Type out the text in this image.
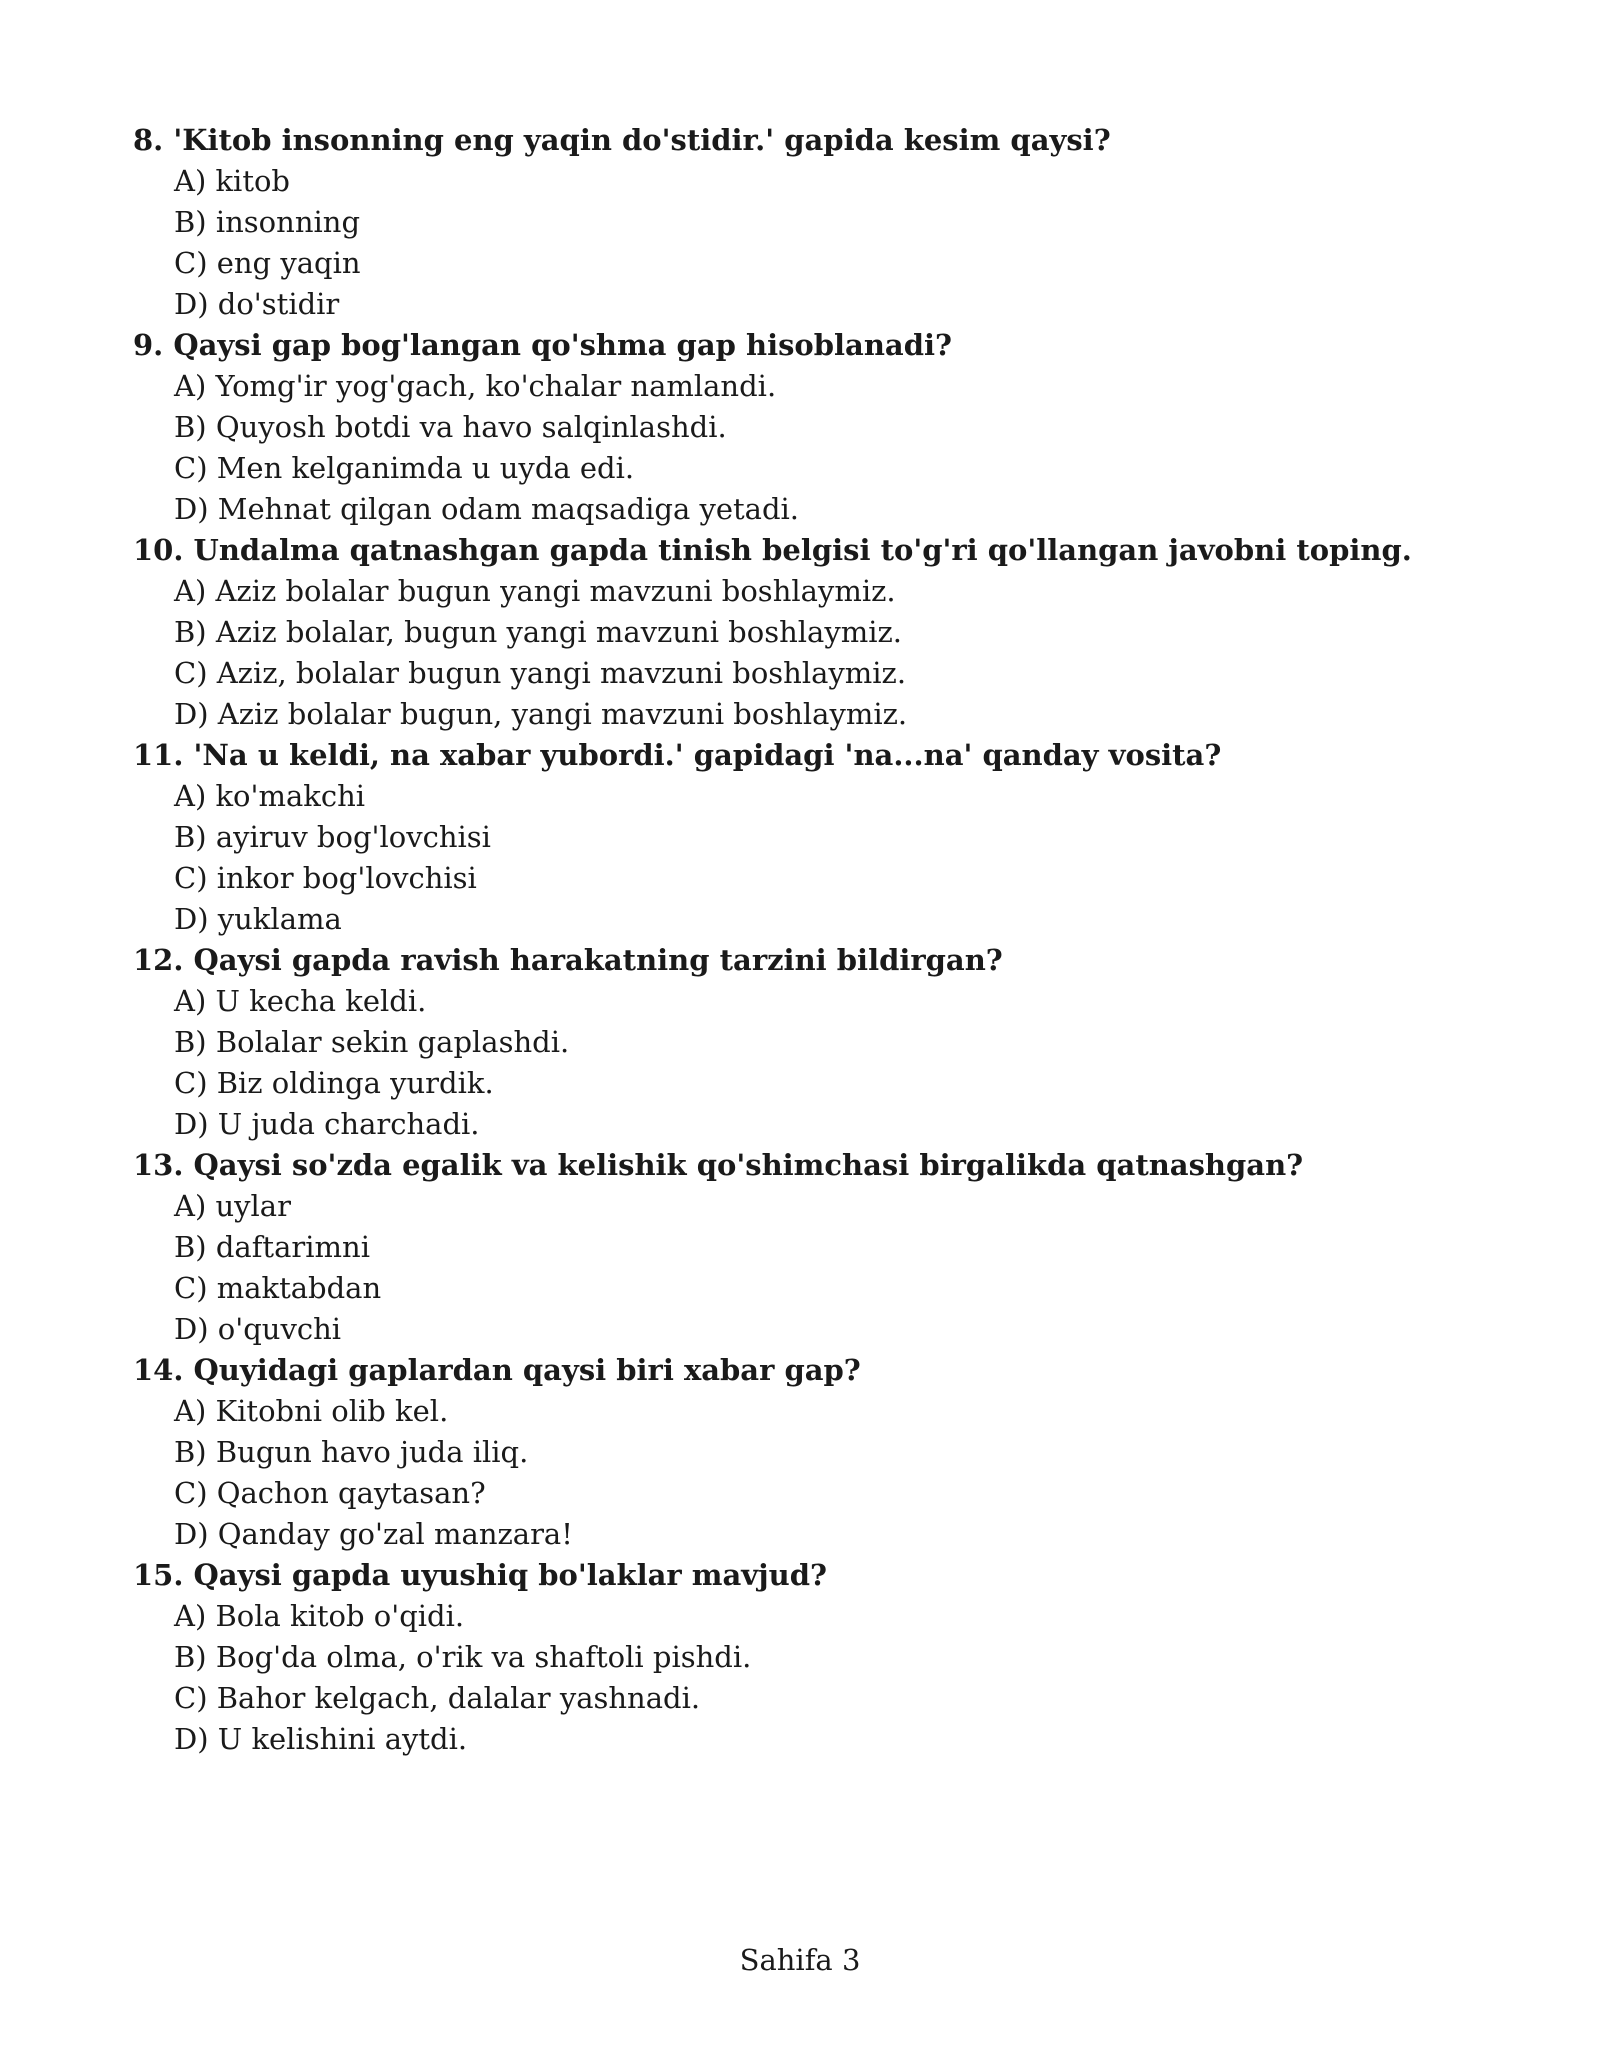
8. 'Kitob insonning eng yaqin do'stidir.' gapida kesim qaysi?
A) kitob
B) insonning
C) eng yaqin
D) do'stidir
9. Qaysi gap bog'langan qo'shma gap hisoblanadi?
A) Yomg'ir yog'gach, ko'chalar namlandi.
B) Quyosh botdi va havo salqinlashdi.
C) Men kelganimda u uyda edi.
D) Mehnat qilgan odam maqsadiga yetadi.
10. Undalma qatnashgan gapda tinish belgisi to'g'ri qo'llangan javobni toping.
A) Aziz bolalar bugun yangi mavzuni boshlaymiz.
B) Aziz bolalar, bugun yangi mavzuni boshlaymiz.
C) Aziz, bolalar bugun yangi mavzuni boshlaymiz.
D) Aziz bolalar bugun, yangi mavzuni boshlaymiz.
11. 'Na u keldi, na xabar yubordi.' gapidagi 'na...na' qanday vosita?
A) ko'makchi
B) ayiruv bog'lovchisi
C) inkor bog'lovchisi
D) yuklama
12. Qaysi gapda ravish harakatning tarzini bildirgan?
A) U kecha keldi.
B) Bolalar sekin gaplashdi.
C) Biz oldinga yurdik.
D) U juda charchadi.
13. Qaysi so'zda egalik va kelishik qo'shimchasi birgalikda qatnashgan?
A) uylar
B) daftarimni
C) maktabdan
D) o'quvchi
14. Quyidagi gaplardan qaysi biri xabar gap?
A) Kitobni olib kel.
B) Bugun havo juda iliq.
C) Qachon qaytasan?
D) Qanday go'zal manzara!
15. Qaysi gapda uyushiq bo'laklar mavjud?
A) Bola kitob o'qidi.
B) Bog'da olma, o'rik va shaftoli pishdi.
C) Bahor kelgach, dalalar yashnadi.
D) U kelishini aytdi.
Sahifa 3
